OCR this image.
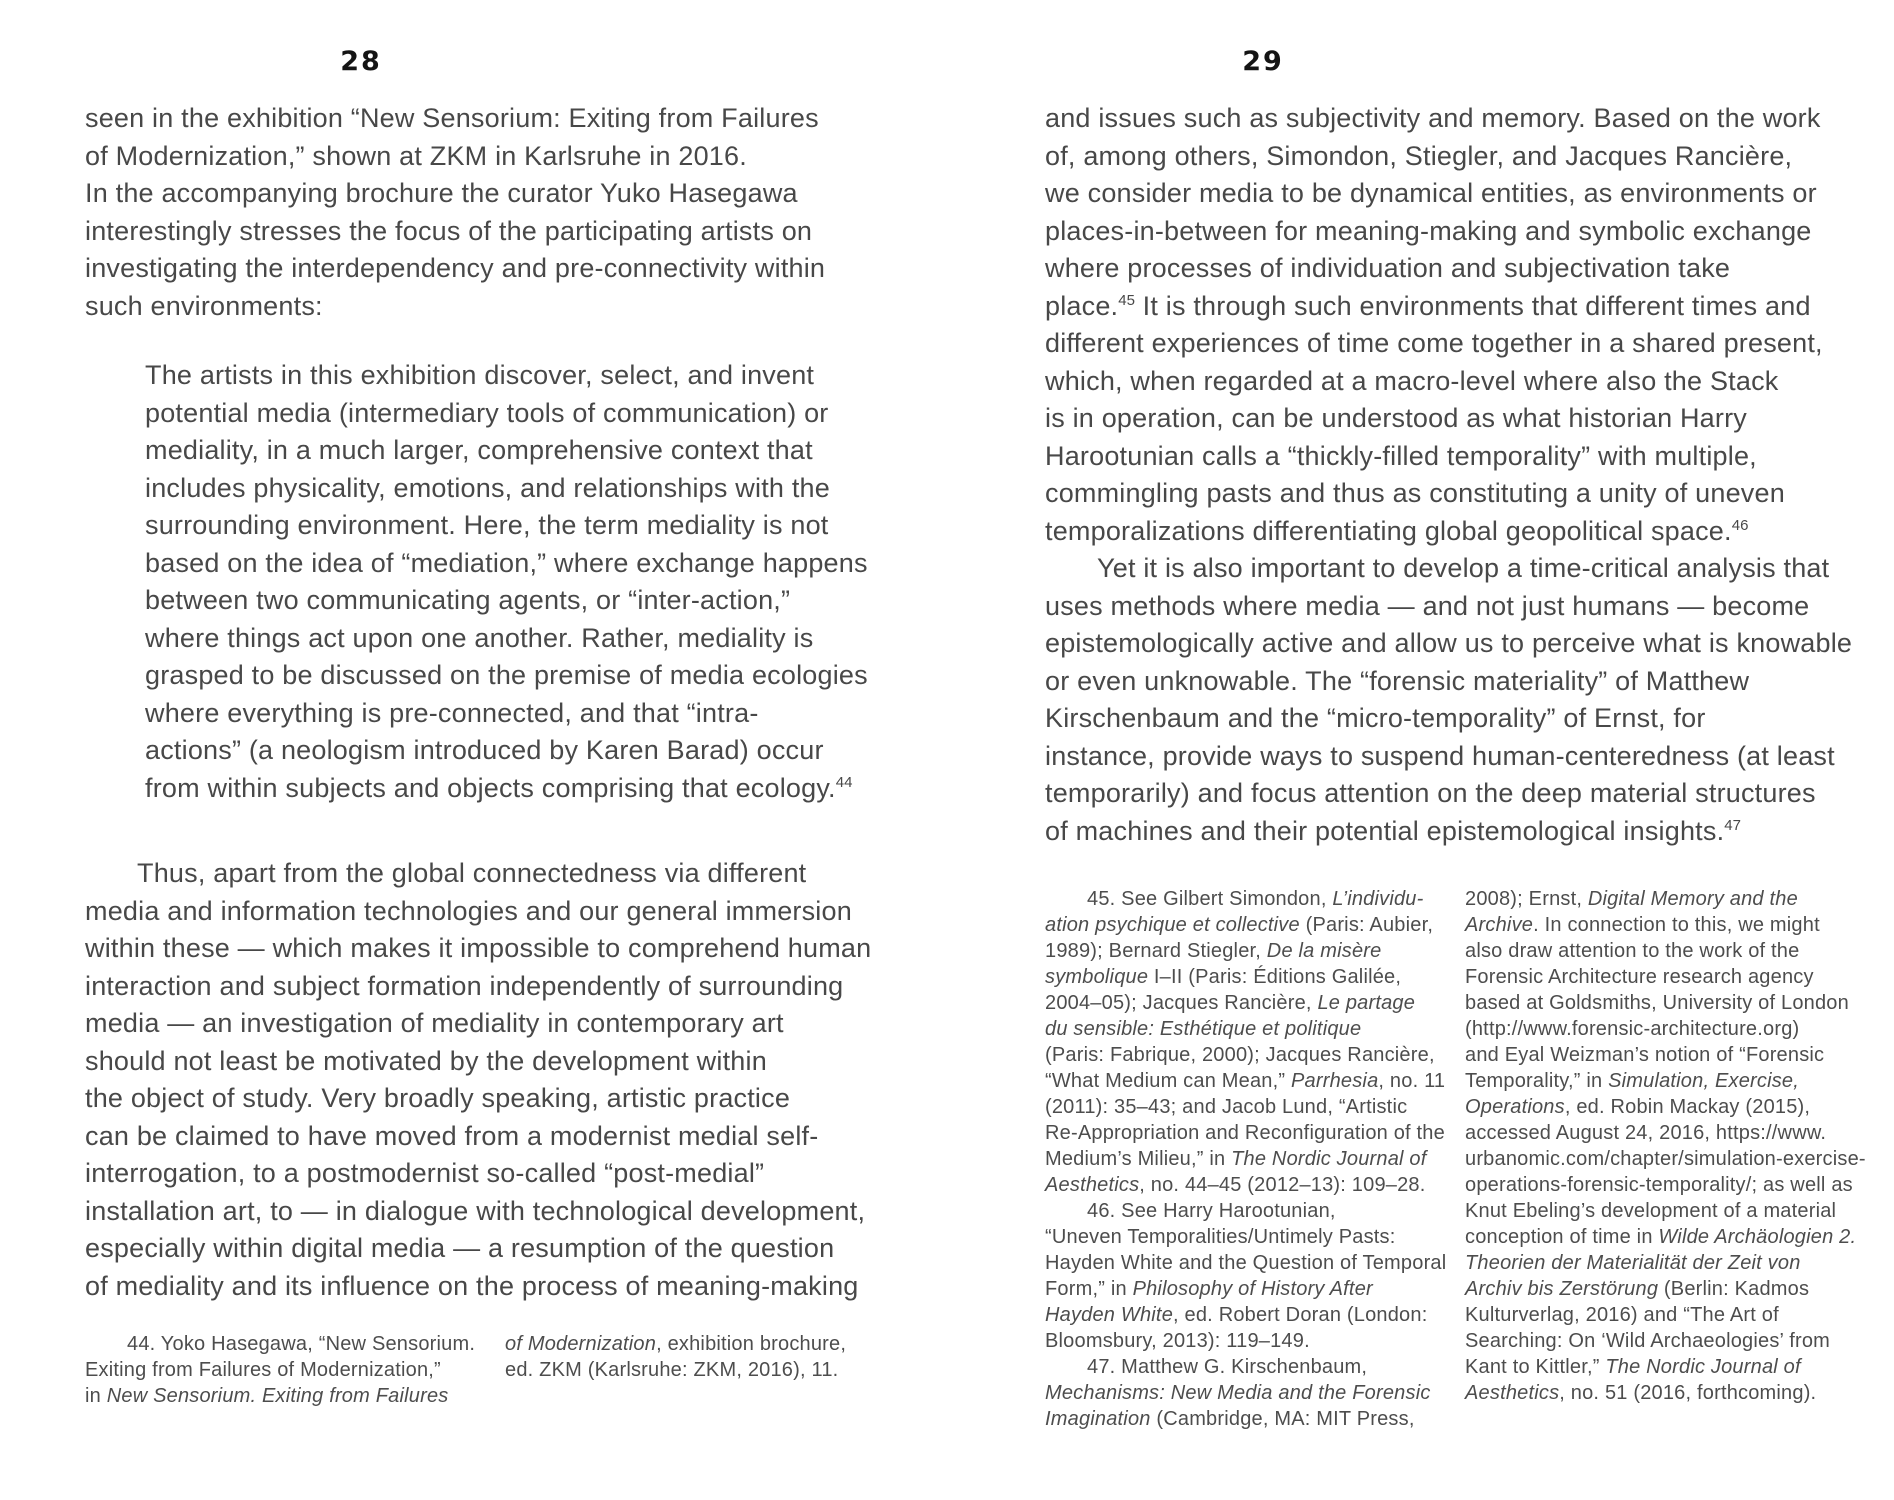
28
seen in the exhibition “New Sensorium: Exiting from Failures
of Modernization,” shown at ZKM in Karlsruhe in 2016.
In the accompanying brochure the curator Yuko Hasegawa
interestingly stresses the focus of the participating artists on
investigating the interdependency and pre-connectivity within
such environments:
The artists in this exhibition discover, select, and invent
potential media (intermediary tools of communication) or
mediality, in a much larger, comprehensive context that
includes physicality, emotions, and relationships with the
surrounding environment. Here, the term mediality is not
based on the idea of “mediation,” where exchange happens
between two communicating agents, or “inter-action,”
where things act upon one another. Rather, mediality is
grasped to be discussed on the premise of media ecologies
where everything is pre-connected, and that “intra-
actions” (a neologism introduced by Karen Barad) occur
from within subjects and objects comprising that ecology.$^{44}$
Thus, apart from the global connectedness via different
media and information technologies and our general immersion
within these — which makes it impossible to comprehend human
interaction and subject formation independently of surrounding
media — an investigation of mediality in contemporary art
should not least be motivated by the development within
the object of study. Very broadly speaking, artistic practice
can be claimed to have moved from a modernist medial self-
interrogation, to a postmodernist so-called “post-medial”
installation art, to — in dialogue with technological development,
especially within digital media — a resumption of the question
of mediality and its influence on the process of meaning-making
44. Yoko Hasegawa, “New Sensorium.
Exiting from Failures of Modernization,”
in New Sensorium. Exiting from Failures
of Modernization, exhibition brochure,
ed. ZKM (Karlsruhe: ZKM, 2016), 11.
29
and issues such as subjectivity and memory. Based on the work
of, among others, Simondon, Stiegler, and Jacques Rancière,
we consider media to be dynamical entities, as environments or
places-in-between for meaning-making and symbolic exchange
where processes of individuation and subjectivation take
place.$^{45}$ It is through such environments that different times and
different experiences of time come together in a shared present,
which, when regarded at a macro-level where also the Stack
is in operation, can be understood as what historian Harry
Harootunian calls a “thickly-filled temporality” with multiple,
commingling pasts and thus as constituting a unity of uneven
temporalizations differentiating global geopolitical space.$^{46}$
Yet it is also important to develop a time-critical analysis that
uses methods where media — and not just humans — become
epistemologically active and allow us to perceive what is knowable
or even unknowable. The “forensic materiality” of Matthew
Kirschenbaum and the “micro-temporality” of Ernst, for
instance, provide ways to suspend human-centeredness (at least
temporarily) and focus attention on the deep material structures
of machines and their potential epistemological insights.$^{47}$
45. See Gilbert Simondon, L’individu-
ation psychique et collective (Paris: Aubier,
1989); Bernard Stiegler, De la misère
symbolique I–II (Paris: Éditions Galilée,
2004–05); Jacques Rancière, Le partage
du sensible: Esthétique et politique
(Paris: Fabrique, 2000); Jacques Rancière,
“What Medium can Mean,” Parrhesia, no. 11
(2011): 35–43; and Jacob Lund, “Artistic
Re-Appropriation and Reconfiguration of the
Medium’s Milieu,” in The Nordic Journal of
Aesthetics, no. 44–45 (2012–13): 109–28.
46. See Harry Harootunian,
“Uneven Temporalities/Untimely Pasts:
Hayden White and the Question of Temporal
Form,” in Philosophy of History After
Hayden White, ed. Robert Doran (London:
Bloomsbury, 2013): 119–149.
47. Matthew G. Kirschenbaum,
Mechanisms: New Media and the Forensic
Imagination (Cambridge, MA: MIT Press,
2008); Ernst, Digital Memory and the
Archive. In connection to this, we might
also draw attention to the work of the
Forensic Architecture research agency
based at Goldsmiths, University of London
(http://www.forensic-architecture.org)
and Eyal Weizman’s notion of “Forensic
Temporality,” in Simulation, Exercise,
Operations, ed. Robin Mackay (2015),
accessed August 24, 2016, https://www.
urbanomic.com/chapter/simulation-exercise-
operations-forensic-temporality/; as well as
Knut Ebeling’s development of a material
conception of time in Wilde Archäologien 2.
Theorien der Materialität der Zeit von
Archiv bis Zerstörung (Berlin: Kadmos
Kulturverlag, 2016) and “The Art of
Searching: On ‘Wild Archaeologies’ from
Kant to Kittler,” The Nordic Journal of
Aesthetics, no. 51 (2016, forthcoming).
